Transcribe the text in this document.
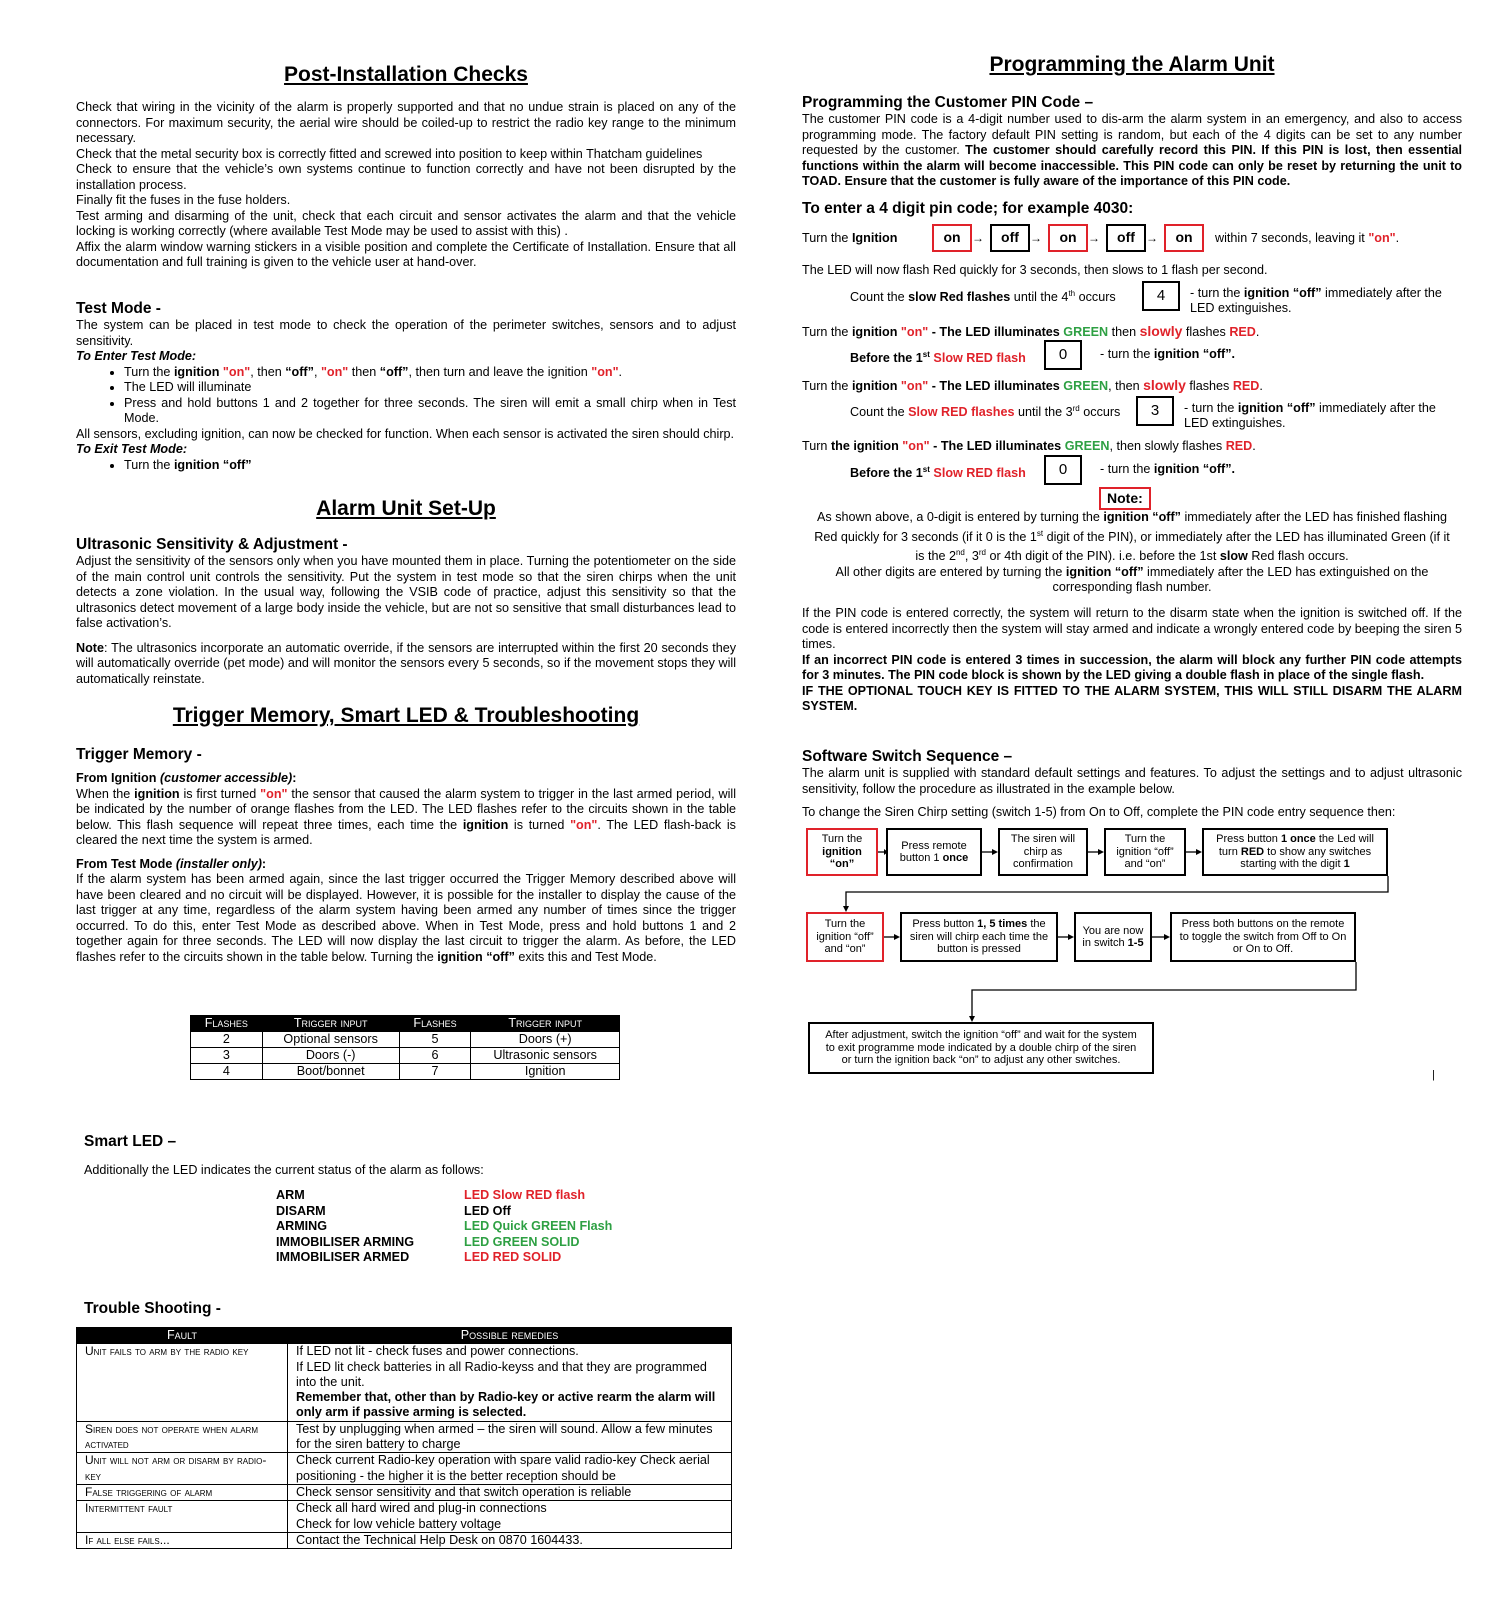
Post-Installation Checks

Check that wiring in the vicinity of the alarm is properly supported and that no undue strain is placed on any of the connectors. For maximum security, the aerial wire should be coiled-up to restrict the radio key range to the minimum necessary.

Check that the metal security box is correctly fitted and screwed into position to keep within Thatcham guidelines

Check to ensure that the vehicle’s own systems continue to function correctly and have not been disrupted by the installation process.

Finally fit the fuses in the fuse holders.

Test arming and disarming of the unit, check that each circuit and sensor activates the alarm and that the vehicle locking is working correctly (where available Test Mode may be used to assist with this) .

Affix the alarm window warning stickers in a visible position and complete the Certificate of Installation. Ensure that all documentation and full training is given to the vehicle user at hand-over.

Test Mode -

The system can be placed in test mode to check the operation of the perimeter switches, sensors and to adjust sensitivity.

To Enter Test Mode:

• Turn the ignition "on", then “off”, "on" then “off”, then turn and leave the ignition "on".
• The LED will illuminate
• Press and hold buttons 1 and 2 together for three seconds. The siren will emit a small chirp when in Test Mode.

All sensors, excluding ignition, can now be checked for function. When each sensor is activated the siren should chirp.

To Exit Test Mode:

• Turn the ignition “off”
Alarm Unit Set-Up
Ultrasonic Sensitivity & Adjustment -

Adjust the sensitivity of the sensors only when you have mounted them in place. Turning the potentiometer on the side of the main control unit controls the sensitivity. Put the system in test mode so that the siren chirps when the unit detects a zone violation. In the usual way, following the VSIB code of practice, adjust this sensitivity so that the ultrasonics detect movement of a large body inside the vehicle, but are not so sensitive that small disturbances lead to false activation’s.

Note: The ultrasonics incorporate an automatic override, if the sensors are interrupted within the first 20 seconds they will automatically override (pet mode) and will monitor the sensors every 5 seconds, so if the movement stops they will automatically reinstate.

Trigger Memory, Smart LED & Troubleshooting
Trigger Memory -

From Ignition (customer accessible):

When the ignition is first turned "on" the sensor that caused the alarm system to trigger in the last armed period, will be indicated by the number of orange flashes from the LED. The LED flashes refer to the circuits shown in the table below. This flash sequence will repeat three times, each time the ignition is turned "on". The LED flash-back is cleared the next time the system is armed.

From Test Mode (installer only):

If the alarm system has been armed again, since the last trigger occurred the Trigger Memory described above will have been cleared and no circuit will be displayed. However, it is possible for the installer to display the cause of the last trigger at any time, regardless of the alarm system having been armed any number of times since the trigger occurred. To do this, enter Test Mode as described above. When in Test Mode, press and hold buttons 1 and 2 together again for three seconds. The LED will now display the last circuit to trigger the alarm. As before, the LED flashes refer to the circuits shown in the table below. Turning the ignition “off” exits this and Test Mode.

Flashes	Trigger input	Flashes	Trigger input
2	Optional sensors	5	Doors (+)
3	Doors (-)	6	Ultrasonic sensors
4	Boot/bonnet	7	Ignition
Smart LED –

Additionally the LED indicates the current status of the alarm as follows:

ARM	LED Slow RED flash
DISARM	LED Off
ARMING	LED Quick GREEN Flash
IMMOBILISER ARMING	LED GREEN SOLID
IMMOBILISER ARMED	LED RED SOLID
Trouble Shooting -
Fault	Possible remedies
Unit fails to arm by the radio key	If LED not lit - check fuses and power connections.
If LED lit check batteries in all Radio-keyss and that they are programmed into the unit.
Remember that, other than by Radio-key or active rearm the alarm will only arm if passive arming is selected.

Siren does not operate when alarm activated	Test by unplugging when armed – the siren will sound. Allow a few minutes for the siren battery to charge

Unit will not arm or disarm by radio-key	Check current Radio-key operation with spare valid radio-key Check aerial positioning - the higher it is the better reception should be

False triggering of alarm	Check sensor sensitivity and that switch operation is reliable

Intermittent fault	Check all hard wired and plug-in connections
Check for low vehicle battery voltage

If all else fails...	Contact the Technical Help Desk on 0870 1604433.
Programming the Alarm Unit
Programming the Customer PIN Code –

The customer PIN code is a 4-digit number used to dis-arm the alarm system in an emergency, and also to access programming mode. The factory default PIN setting is random, but each of the 4 digits can be set to any number requested by the customer. The customer should carefully record this PIN. If this PIN is lost, then essential functions within the alarm will become inaccessible. This PIN code can only be reset by returning the unit to TOAD. Ensure that the customer is fully aware of the importance of this PIN code.

To enter a 4 digit pin code; for example 4030:
Turn the Ignition	on →	off →	on →	off →	on	within 7 seconds, leaving it "on".

The LED will now flash Red quickly for 3 seconds, then slows to 1 flash per second.

Count the slow Red flashes until the 4th occurs	4	- turn the ignition “off” immediately after the LED extinguishes.
Turn the ignition "on" - The LED illuminates GREEN then slowly flashes RED.
Before the 1st Slow RED flash	0	- turn the ignition “off”.
Turn the ignition "on" - The LED illuminates GREEN, then slowly flashes RED.
Count the Slow RED flashes until the 3rd occurs	3	- turn the ignition “off” immediately after the LED extinguishes.
Turn the ignition "on" - The LED illuminates GREEN, then slowly flashes RED.
Before the 1st Slow RED flash	0	- turn the ignition “off”.
Note:

As shown above, a 0-digit is entered by turning the ignition “off” immediately after the LED has finished flashing Red quickly for 3 seconds (if it 0 is the 1st digit of the PIN), or immediately after the LED has illuminated Green (if it is the 2nd, 3rd or 4th digit of the PIN). i.e. before the 1st slow Red flash occurs.

All other digits are entered by turning the ignition “off” immediately after the LED has extinguished on the corresponding flash number.

If the PIN code is entered correctly, the system will return to the disarm state when the ignition is switched off. If the code is entered incorrectly then the system will stay armed and indicate a wrongly entered code by beeping the siren 5 times.

If an incorrect PIN code is entered 3 times in succession, the alarm will block any further PIN code attempts for 3 minutes. The PIN code block is shown by the LED giving a double flash in place of the single flash.

IF THE OPTIONAL TOUCH KEY IS FITTED TO THE ALARM SYSTEM, THIS WILL STILL DISARM THE ALARM SYSTEM.

Software Switch Sequence –

The alarm unit is supplied with standard default settings and features. To adjust the settings and to adjust ultrasonic sensitivity, follow the procedure as illustrated in the example below.

To change the Siren Chirp setting (switch 1-5) from On to Off, complete the PIN code entry sequence then:

Turn the
ignition
“on”
Press remote button 1 once
The siren will chirp as confirmation
Turn the ignition “off” and “on”
Press button 1 once the Led will turn RED to show any switches starting with the digit 1
Turn the ignition “off” and “on”
Press button 1, 5 times the siren will chirp each time the button is pressed
You are now in switch 1-5
Press both buttons on the remote to toggle the switch from Off to On or On to Off.
After adjustment, switch the ignition “off” and wait for the system to exit programme mode indicated by a double chirp of the siren or turn the ignition back “on” to adjust any other switches.
|
